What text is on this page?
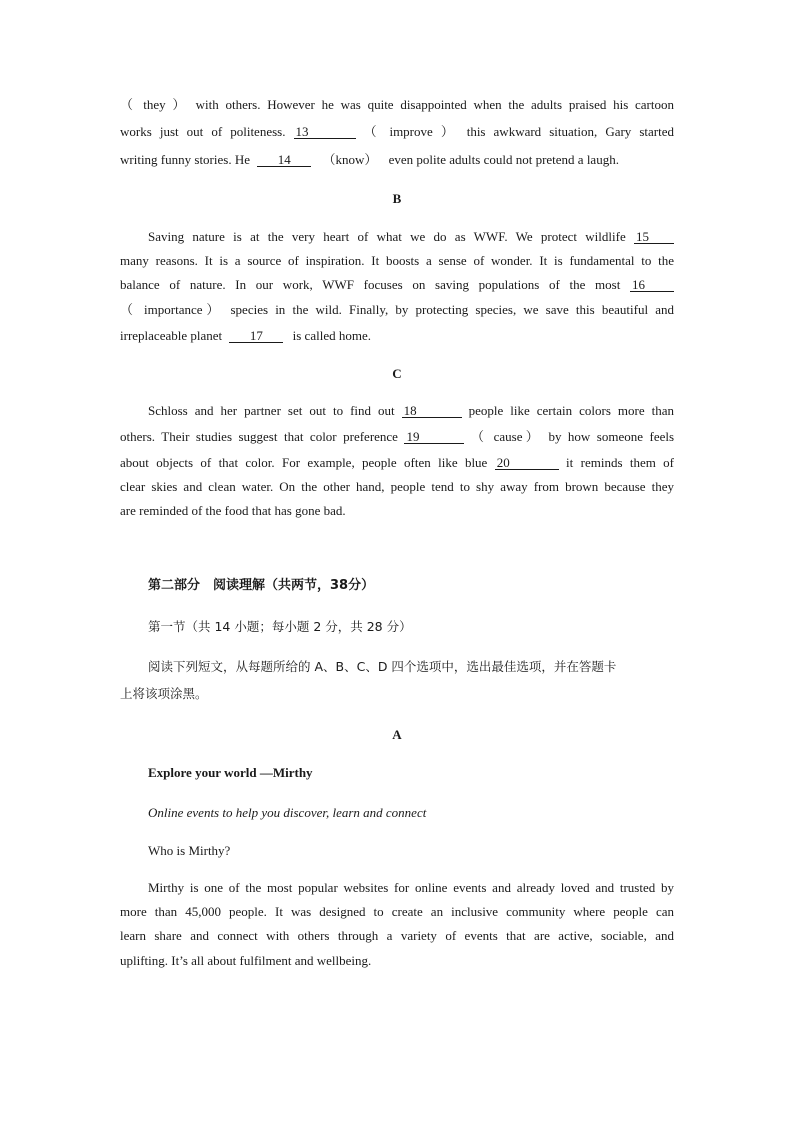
（ they ） with others. However he was quite disappointed when the adults praised his cartoon
works just out of politeness. 13	（ improve ） this awkward situation, Gary started
writing funny stories. He 14 （know） even polite adults could not pretend a laugh.
B
Saving nature is at the very heart of what we do as WWF. We protect wildlife 15
many reasons. It is a source of inspiration. It boosts a sense of wonder. It is fundamental to the
balance of nature. In our work, WWF focuses on saving populations of the most 16
（ importance） species in the wild. Finally, by protecting species, we save this beautiful and
irreplaceable planet 17 is called home.
C
Schloss and her partner set out to find out 18	people like certain colors more than
others. Their studies suggest that color preference 19	（ cause） by how someone feels
about objects of that color. For example, people often like blue 20	it reminds them of
clear skies and clean water. On the other hand, people tend to shy away from brown because they
are reminded of the food that has gone bad.
第二部分　阅读理解（共两节，38分）
第一节（共 14 小题；每小题 2 分，共 28 分）
阅读下列短文，从每题所给的 A、B、C、D 四个选项中，选出最佳选项，并在答题卡
上将该项涂黑。
A
Explore your world —Mirthy
Online events to help you discover, learn and connect
Who is Mirthy?
Mirthy is one of the most popular websites for online events and already loved and trusted by
more than 45,000 people. It was designed to create an inclusive community where people can
learn share and connect with others through a variety of events that are active, sociable, and
uplifting. It’s all about fulfilment and wellbeing.
